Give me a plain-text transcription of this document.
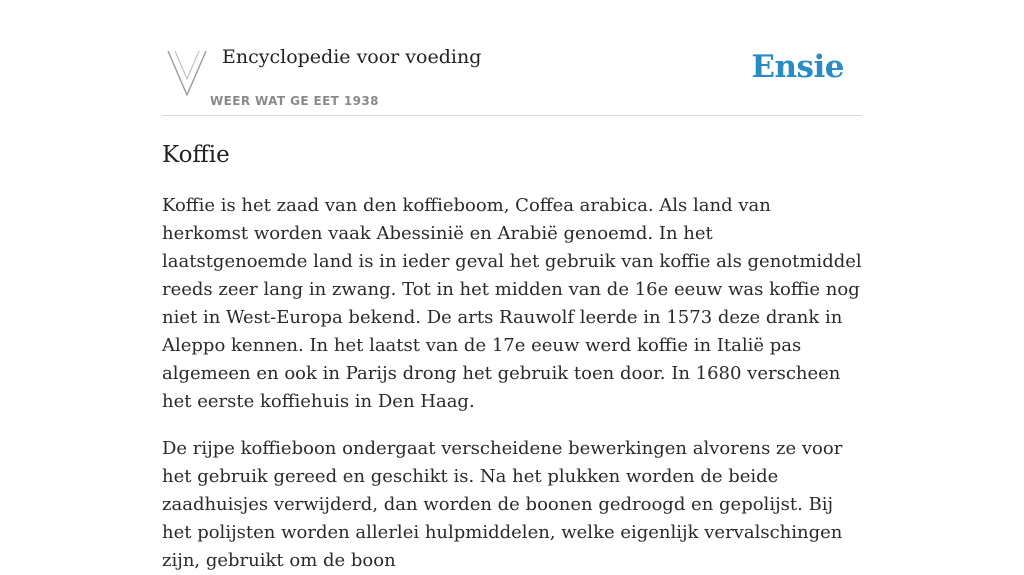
Encyclopedie voor voeding
WEER WAT GE EET 1938
Ensie
Koffie

Koffie is het zaad van den koffieboom, Coffea arabica. Als land van herkomst worden vaak Abessinië en Arabië genoemd. In het laatstgenoemde land is in ieder geval het gebruik van koffie als genotmiddel reeds zeer lang in zwang. Tot in het midden van de 16e eeuw was koffie nog niet in West-Europa bekend. De arts Rauwolf leerde in 1573 deze drank in Aleppo kennen. In het laatst van de 17e eeuw werd koffie in Italië pas algemeen en ook in Parijs drong het gebruik toen door. In 1680 verscheen het eerste koffiehuis in Den Haag.

De rijpe koffieboon ondergaat verscheidene bewerkingen alvorens ze voor het gebruik gereed en geschikt is. Na het plukken worden de beide zaadhuisjes verwijderd, dan worden de boonen gedroogd en gepolijst. Bij het polijsten worden allerlei hulpmiddelen, welke eigenlijk vervalschingen zijn, gebruikt om de boon
